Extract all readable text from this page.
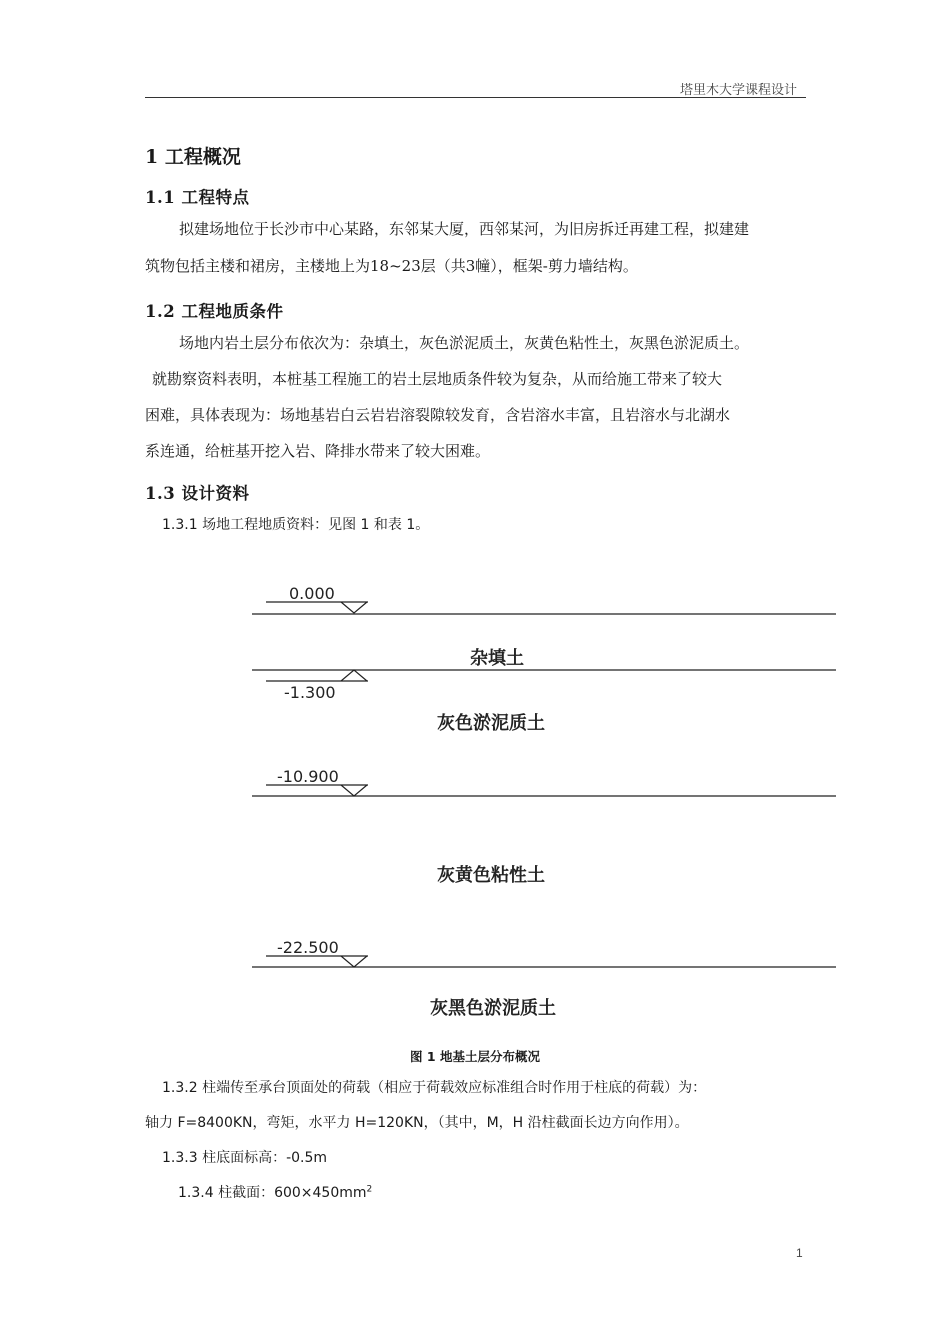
塔里木大学课程设计
1 工程概况
1.1 工程特点
拟建场地位于长沙市中心某路，东邻某大厦，西邻某河，为旧房拆迁再建工程，拟建建
筑物包括主楼和裙房，主楼地上为18~23层（共3幢），框架-剪力墙结构。
1.2 工程地质条件
场地内岩土层分布依次为：杂填土，灰色淤泥质土，灰黄色粘性土，灰黑色淤泥质土。
就勘察资料表明，本桩基工程施工的岩土层地质条件较为复杂，从而给施工带来了较大
困难，具体表现为：场地基岩白云岩岩溶裂隙较发育，含岩溶水丰富，且岩溶水与北湖水
系连通，给桩基开挖入岩、降排水带来了较大困难。
1.3 设计资料
1.3.1 场地工程地质资料：见图 1 和表 1。
0.000
杂填土
-1.300
灰色淤泥质土
-10.900
灰黄色粘性土
-22.500
灰黑色淤泥质土
图 1 地基土层分布概况
1.3.2 柱端传至承台顶面处的荷载（相应于荷载效应标准组合时作用于柱底的荷载）为：
轴力 F=8400KN，弯矩，水平力 H=120KN，（其中，M，H 沿柱截面长边方向作用）。
1.3.3 柱底面标高：-0.5m
1.3.4 柱截面：$600\times 450mm^2$
1
